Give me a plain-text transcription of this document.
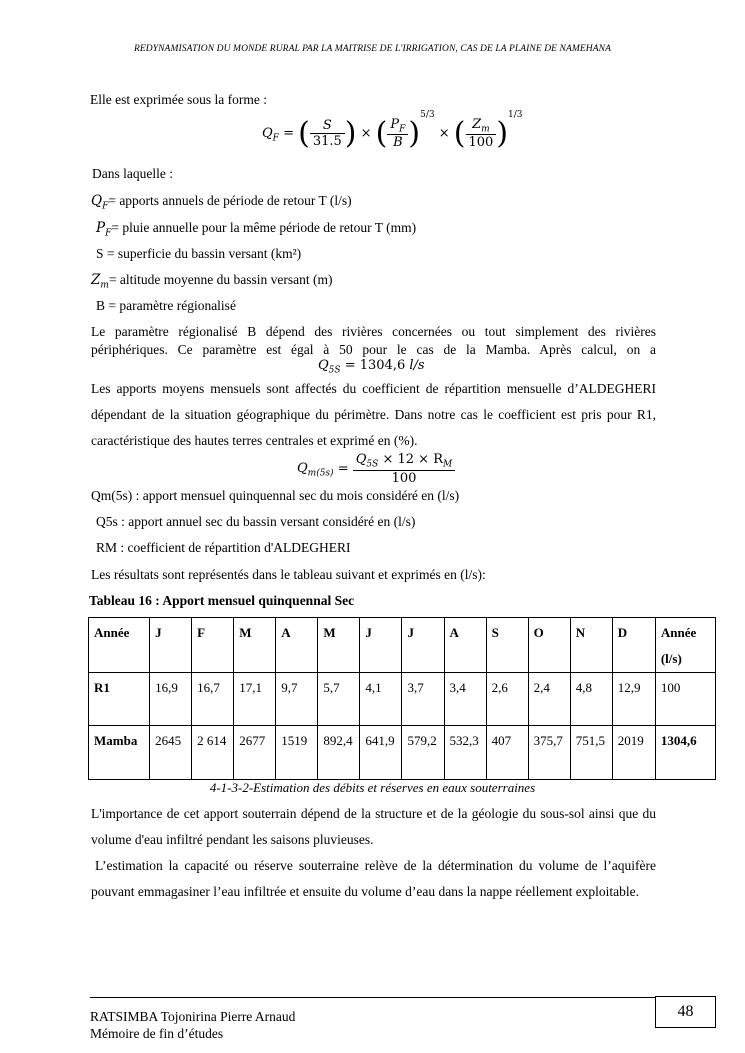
REDYNAMISATION DU MONDE RURAL PAR LA MAITRISE DE L'IRRIGATION, CAS DE LA PLAINE DE NAMEHANA
Elle est exprimée sous la forme :
$Q_F$ = ( $\frac{S}{31.5}$ ) × ( $\frac{P_F}{B} )^{5/3}$ × ( $\frac{Z_m}{100} )^{1/3}$
Dans laquelle :
$Q_F=$ apports annuels de période de retour T (l/s)
$P_F=$ pluie annuelle pour la même période de retour T (mm)
S = superficie du bassin versant (km²)
$Z_m=$ altitude moyenne du bassin versant (m)
B = paramètre régionalisé
Le paramètre régionalisé B dépend des rivières concernées ou tout simplement des rivières
périphériques. Ce paramètre est égal à 50 pour le cas de la Mamba. Après calcul, on a
$Q_{5S} = 1304,6$ l/s
Les apports moyens mensuels sont affectés du coefficient de répartition mensuelle d’ALDEGHERI dépendant de la situation géographique du périmètre. Dans notre cas le coefficient est pris pour R1, caractéristique des hautes terres centrales et exprimé en (%).
$Q_{m(5s)} = \frac{Q_{5S} \times 12 \times R_M}{100}$
Qm(5s) : apport mensuel quinquennal sec du mois considéré en (l/s)
Q5s : apport annuel sec du bassin versant considéré en (l/s)
RM : coefficient de répartition d'ALDEGHERI
Les résultats sont représentés dans le tableau suivant et exprimés en (l/s):
Tableau 16 : Apport mensuel quinquennal Sec
Année	J	F	M	A	M	J	J	A	S	O	N	D	Année (l/s)
R1	16,9	16,7	17,1	9,7	5,7	4,1	3,7	3,4	2,6	2,4	4,8	12,9	100
Mamba	2645	2 614	2677	1519	892,4	641,9	579,2	532,3	407	375,7	751,5	2019	1304,6
4-1-3-2-Estimation des débits et réserves en eaux souterraines
L'importance de cet apport souterrain dépend de la structure et de la géologie du sous-sol ainsi que du volume d'eau infiltré pendant les saisons pluvieuses.
L’estimation la capacité ou réserve souterraine relève de la détermination du volume de l’aquifère pouvant emmagasiner l’eau infiltrée et ensuite du volume d’eau dans la nappe réellement exploitable.
48
RATSIMBA Tojonirina Pierre Arnaud
Mémoire de fin d’études
